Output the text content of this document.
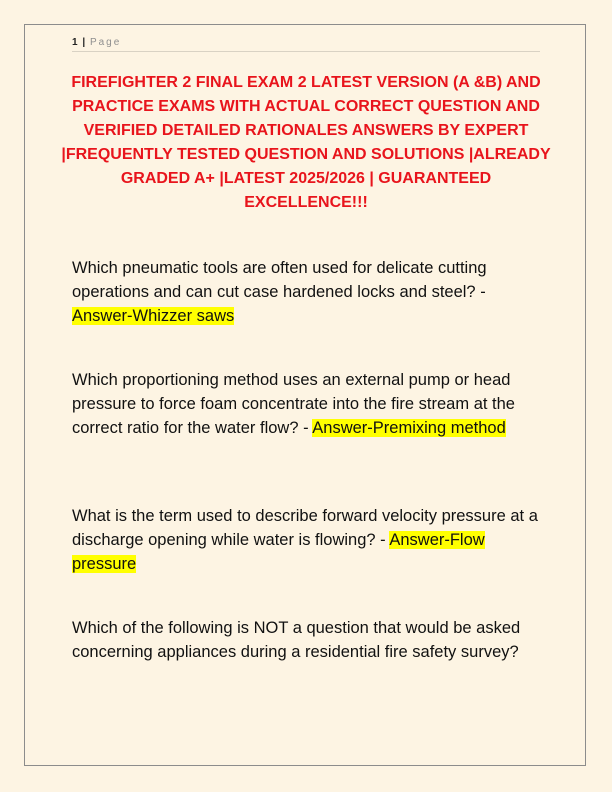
1 | Page
FIREFIGHTER 2 FINAL EXAM 2 LATEST VERSION (A &B) AND PRACTICE EXAMS WITH ACTUAL CORRECT QUESTION AND VERIFIED DETAILED RATIONALES ANSWERS BY EXPERT |FREQUENTLY TESTED QUESTION AND SOLUTIONS |ALREADY GRADED A+ |LATEST 2025/2026 | GUARANTEED EXCELLENCE!!!

Which pneumatic tools are often used for delicate cutting operations and can cut case hardened locks and steel? - Answer-Whizzer saws

Which proportioning method uses an external pump or head pressure to force foam concentrate into the fire stream at the correct ratio for the water flow? - Answer-Premixing method

What is the term used to describe forward velocity pressure at a discharge opening while water is flowing? - Answer-Flow pressure

Which of the following is NOT a question that would be asked concerning appliances during a residential fire safety survey?
